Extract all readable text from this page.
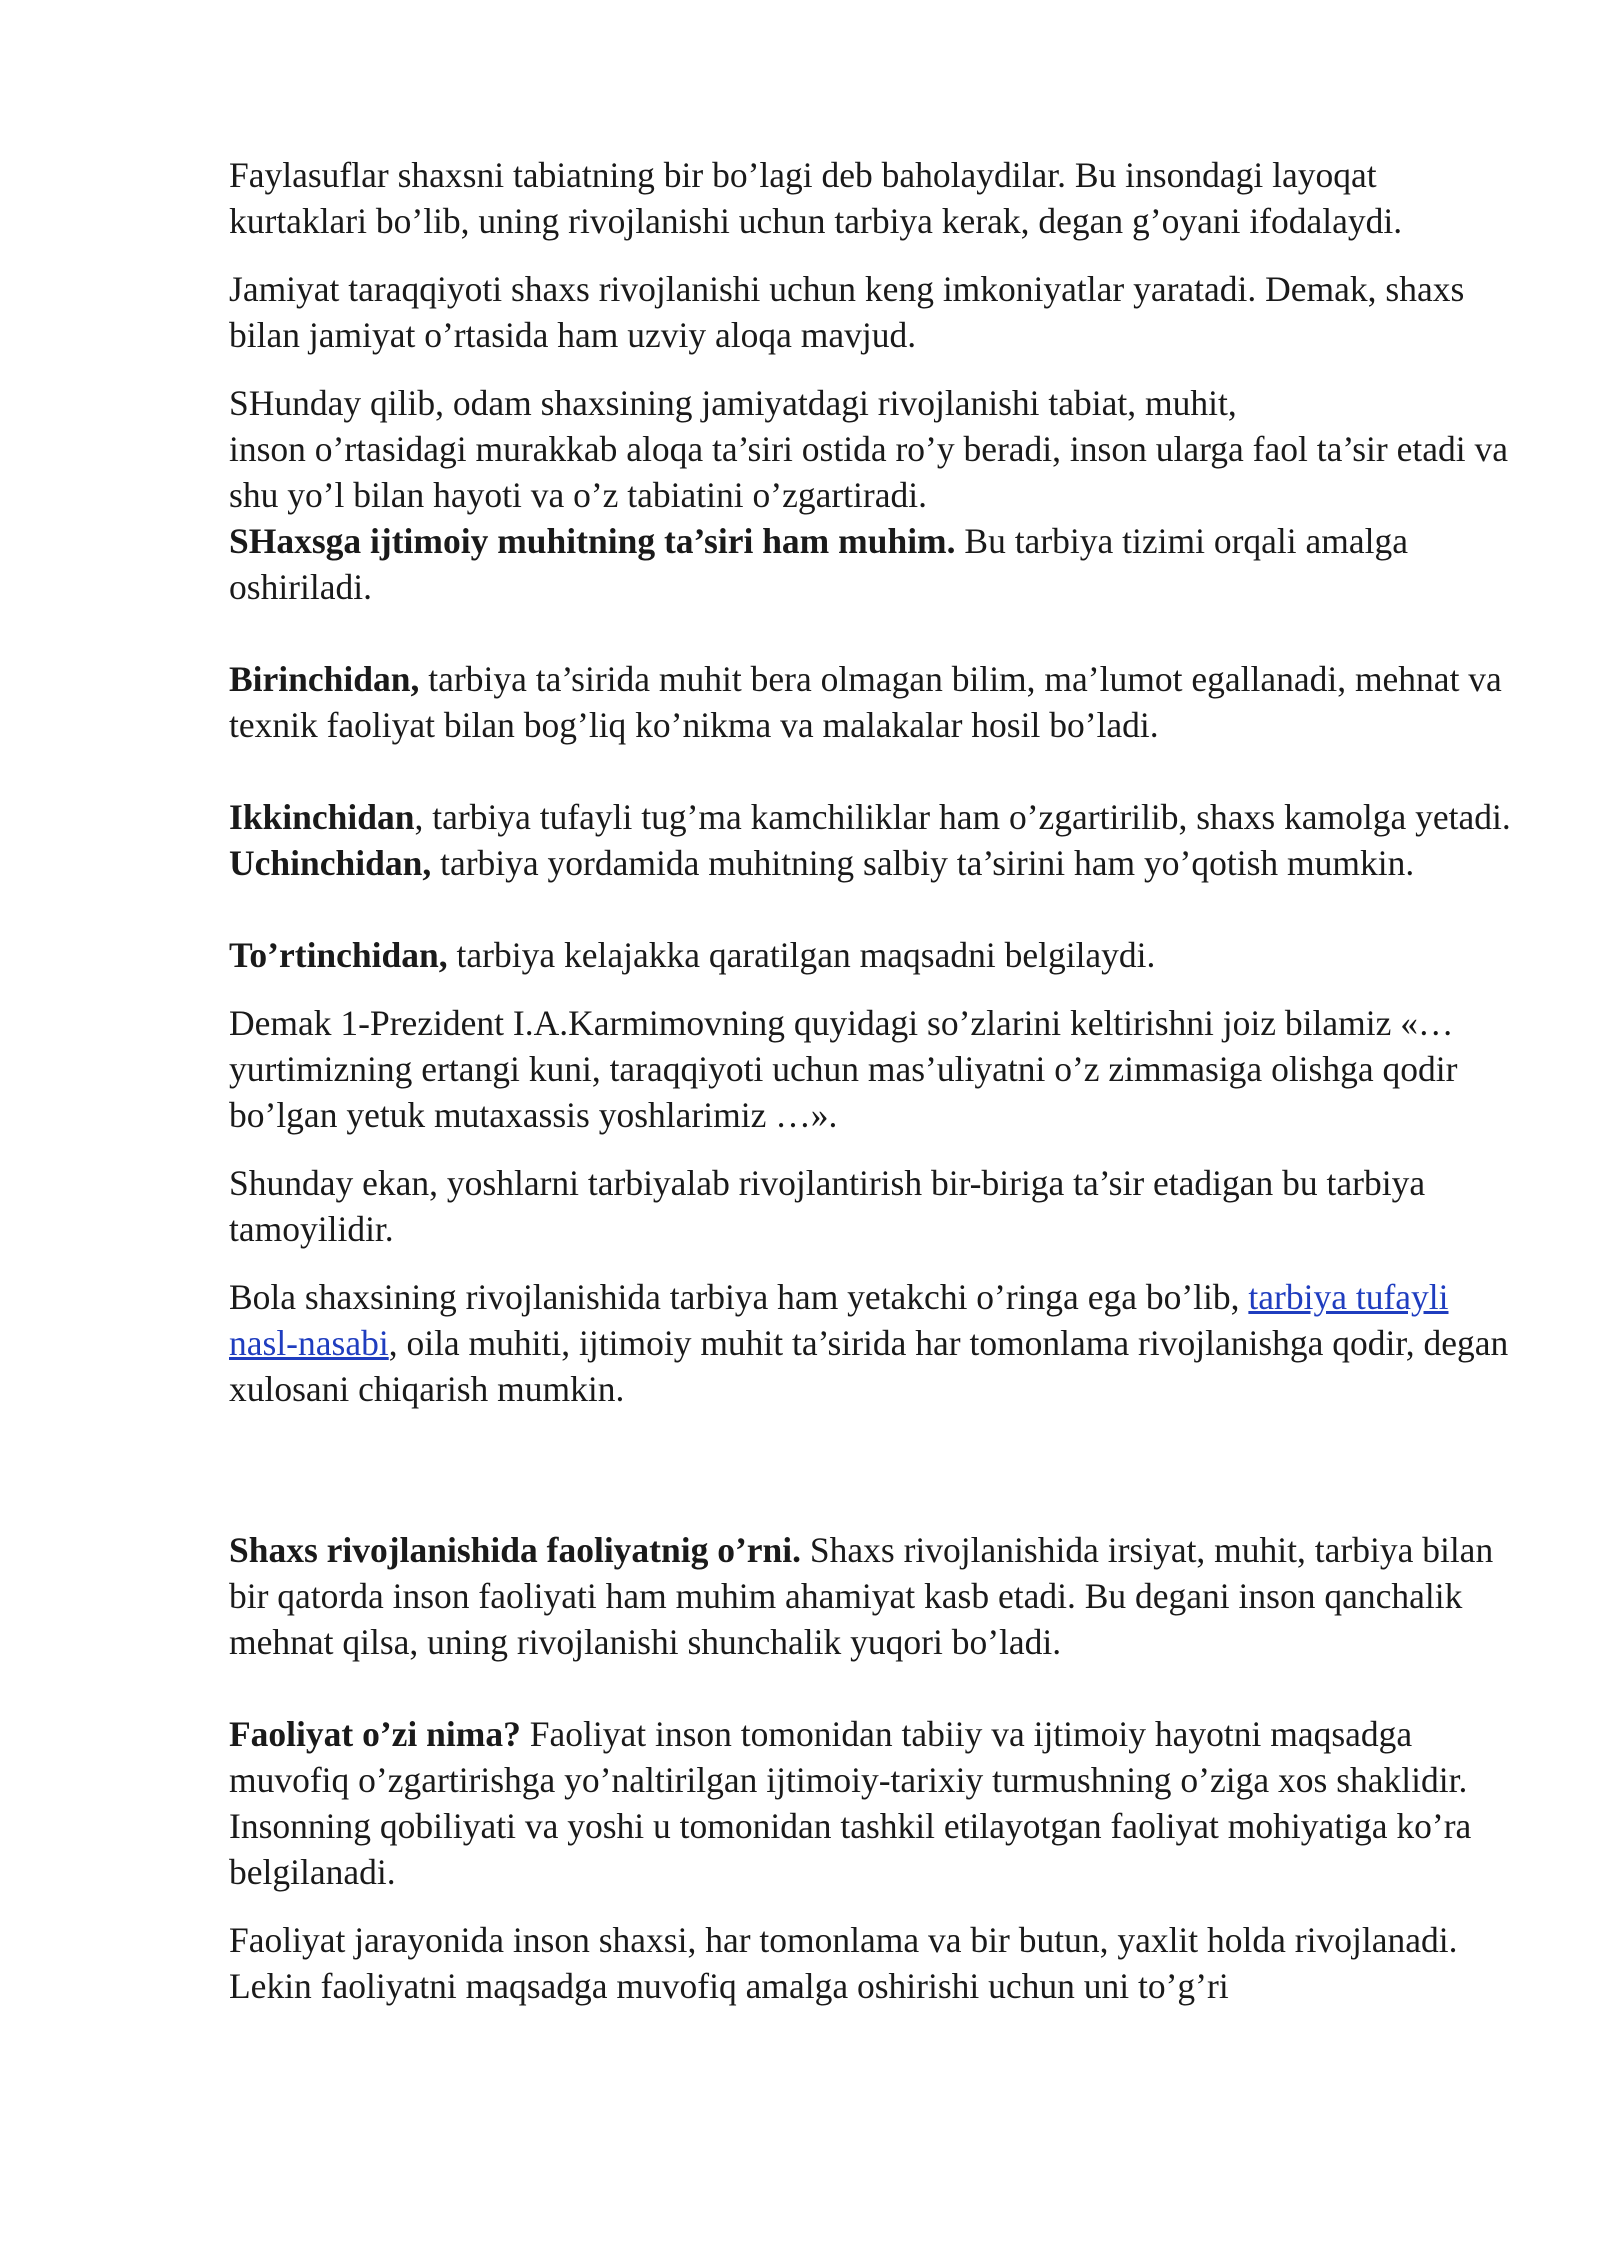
Faylasuflar shaxsni tabiatning bir bo’lagi deb baholaydilar. Bu insondagi layoqat kurtaklari bo’lib, uning rivojlanishi uchun tarbiya kerak, degan g’oyani ifodalaydi.

Jamiyat taraqqiyoti shaxs rivojlanishi uchun keng imkoniyatlar yaratadi. Demak, shaxs bilan jamiyat o’rtasida ham uzviy aloqa mavjud.

SHunday qilib, odam shaxsining jamiyatdagi rivojlanishi tabiat, muhit,
inson o’rtasidagi murakkab aloqa ta’siri ostida ro’y beradi, inson ularga faol ta’sir etadi va shu yo’l bilan hayoti va o’z tabiatini o’zgartiradi.

SHaxsga ijtimoiy muhitning ta’siri ham muhim. Bu tarbiya tizimi orqali amalga oshiriladi.

Birinchidan, tarbiya ta’sirida muhit bera olmagan bilim, ma’lumot egallanadi, mehnat va texnik faoliyat bilan bog’liq ko’nikma va malakalar hosil bo’ladi.

Ikkinchidan, tarbiya tufayli tug’ma kamchiliklar ham o’zgartirilib, shaxs kamolga yetadi.

Uchinchidan, tarbiya yordamida muhitning salbiy ta’sirini ham yo’qotish mumkin.

To’rtinchidan, tarbiya kelajakka qaratilgan maqsadni belgilaydi.

Demak 1-Prezident I.A.Karmimovning quyidagi so’zlarini keltirishni joiz bilamiz «…yurtimizning ertangi kuni, taraqqiyoti uchun mas’uliyatni o’z zimmasiga olishga qodir bo’lgan yetuk mutaxassis yoshlarimiz …».

Shunday ekan, yoshlarni tarbiyalab rivojlantirish bir-biriga ta’sir etadigan bu tarbiya tamoyilidir.

Bola shaxsining rivojlanishida tarbiya ham yetakchi o’ringa ega bo’lib, tarbiya tufayli nasl-nasabi, oila muhiti, ijtimoiy muhit ta’sirida har tomonlama rivojlanishga qodir, degan xulosani chiqarish mumkin.

Shaxs rivojlanishida faoliyatnig o’rni. Shaxs rivojlanishida irsiyat, muhit, tarbiya bilan bir qatorda inson faoliyati ham muhim ahamiyat kasb etadi. Bu degani inson qanchalik mehnat qilsa, uning rivojlanishi shunchalik yuqori bo’ladi.

Faoliyat o’zi nima? Faoliyat inson tomonidan tabiiy va ijtimoiy hayotni maqsadga muvofiq o’zgartirishga yo’naltirilgan ijtimoiy-tarixiy turmushning o’ziga xos shaklidir. Insonning qobiliyati va yoshi u tomonidan tashkil etilayotgan faoliyat mohiyatiga ko’ra belgilanadi.

Faoliyat jarayonida inson shaxsi, har tomonlama va bir butun, yaxlit holda rivojlanadi. Lekin faoliyatni maqsadga muvofiq amalga oshirishi uchun uni to’g’ri
